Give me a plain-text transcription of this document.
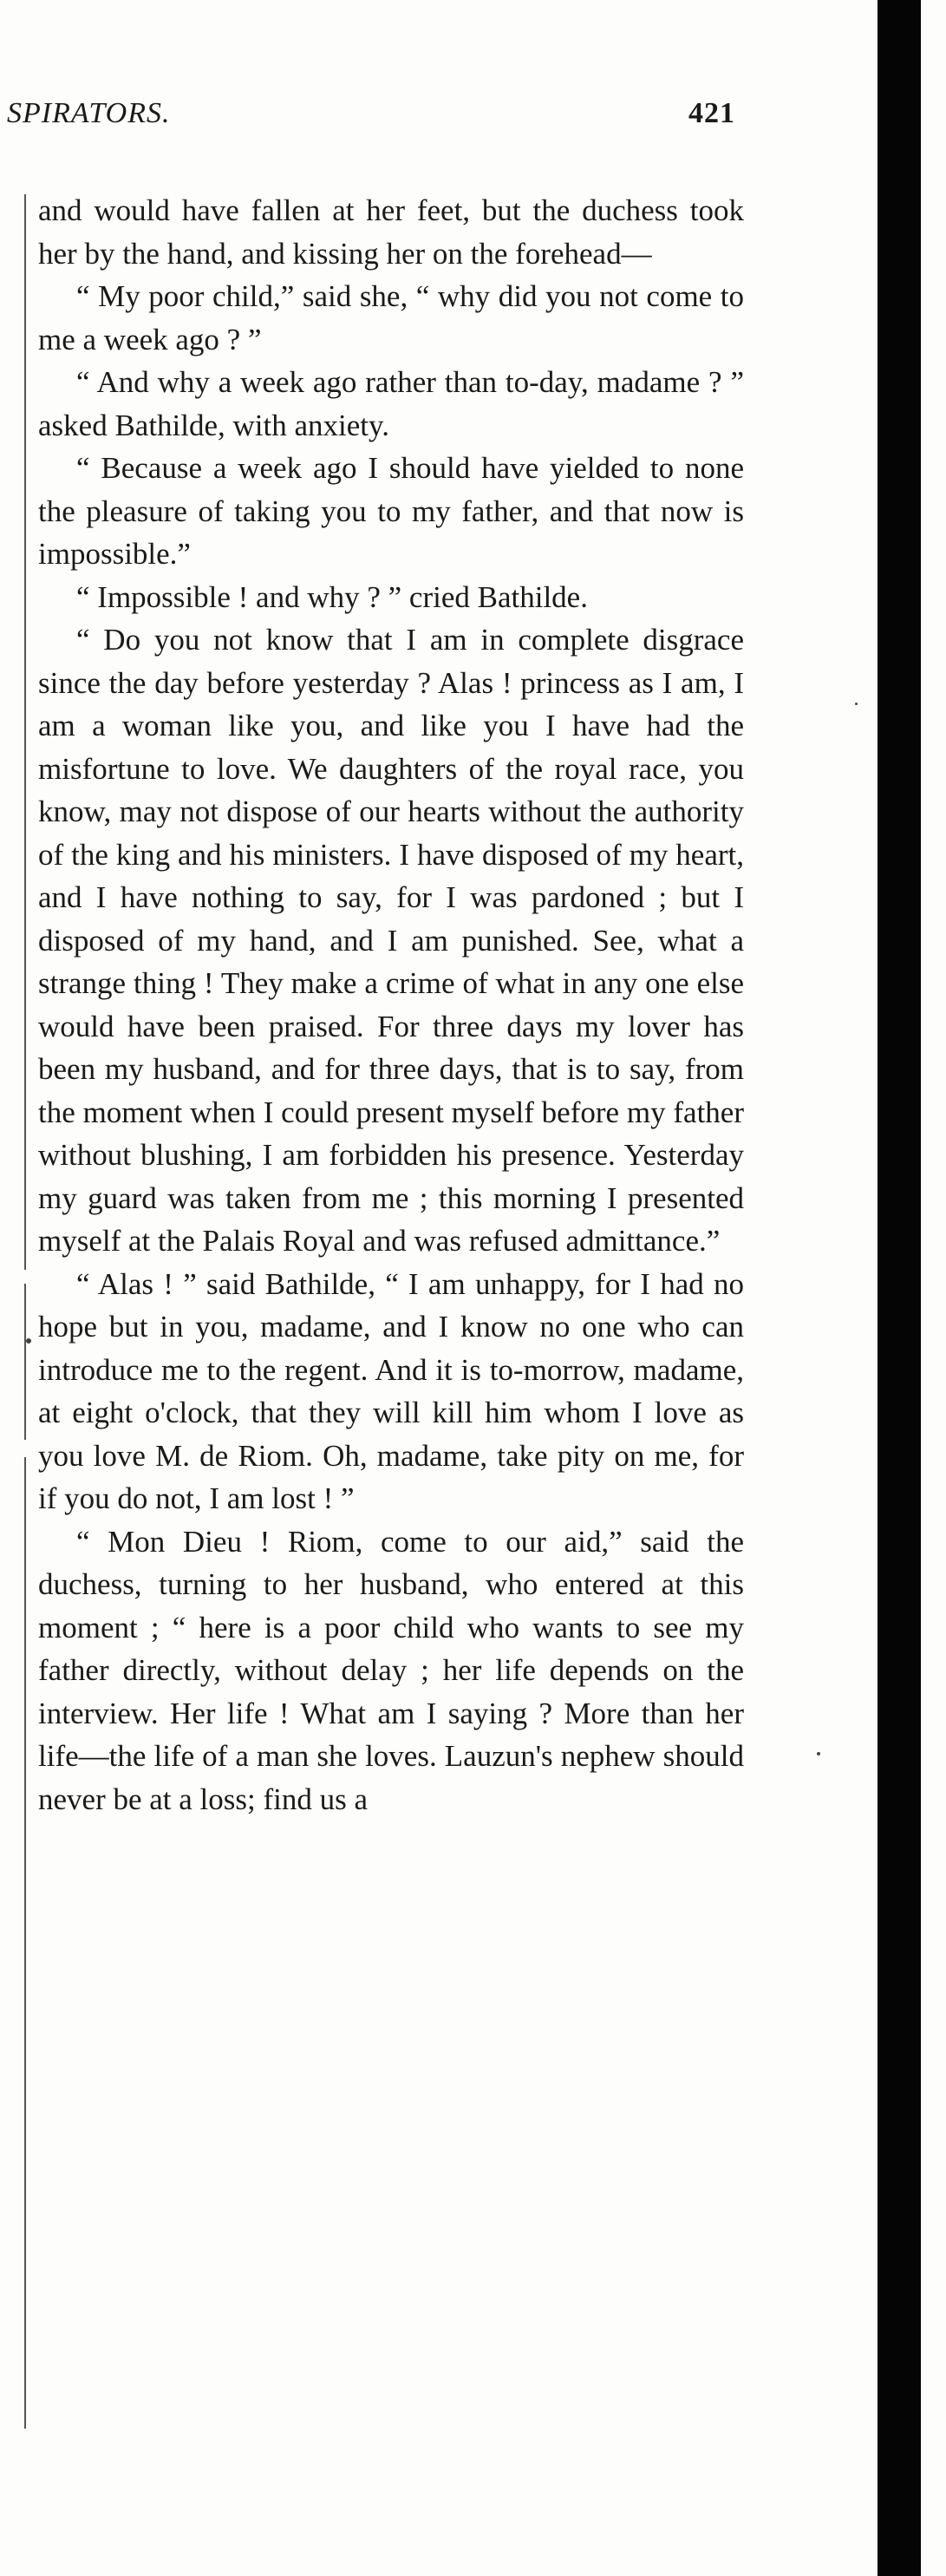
SPIRATORS.	421

and would have fallen at her feet, but the duchess took her by the hand, and kissing her on the forehead—

“ My poor child,” said she, “ why did you not come to me a week ago ? ”

“ And why a week ago rather than to-day, madame ? ” asked Bathilde, with anxiety.

“ Because a week ago I should have yielded to none the pleasure of taking you to my father, and that now is impossible.”

“ Impossible ! and why ? ” cried Bathilde.

“ Do you not know that I am in complete disgrace since the day before yesterday ? Alas ! princess as I am, I am a woman like you, and like you I have had the misfortune to love. We daughters of the royal race, you know, may not dispose of our hearts without the authority of the king and his ministers. I have disposed of my heart, and I have nothing to say, for I was pardoned ; but I disposed of my hand, and I am punished. See, what a strange thing ! They make a crime of what in any one else would have been praised. For three days my lover has been my husband, and for three days, that is to say, from the moment when I could present myself before my father without blushing, I am forbidden his presence. Yesterday my guard was taken from me ; this morning I presented myself at the Palais Royal and was refused admittance.”

“ Alas ! ” said Bathilde, “ I am unhappy, for I had no hope but in you, madame, and I know no one who can introduce me to the regent. And it is to-morrow, madame, at eight o'clock, that they will kill him whom I love as you love M. de Riom. Oh, madame, take pity on me, for if you do not, I am lost ! ”

“ Mon Dieu ! Riom, come to our aid,” said the duchess, turning to her husband, who entered at this moment ; “ here is a poor child who wants to see my father directly, without delay ; her life depends on the interview. Her life ! What am I saying ? More than her life—the life of a man she loves. Lauzun's nephew should never be at a loss; find us a
